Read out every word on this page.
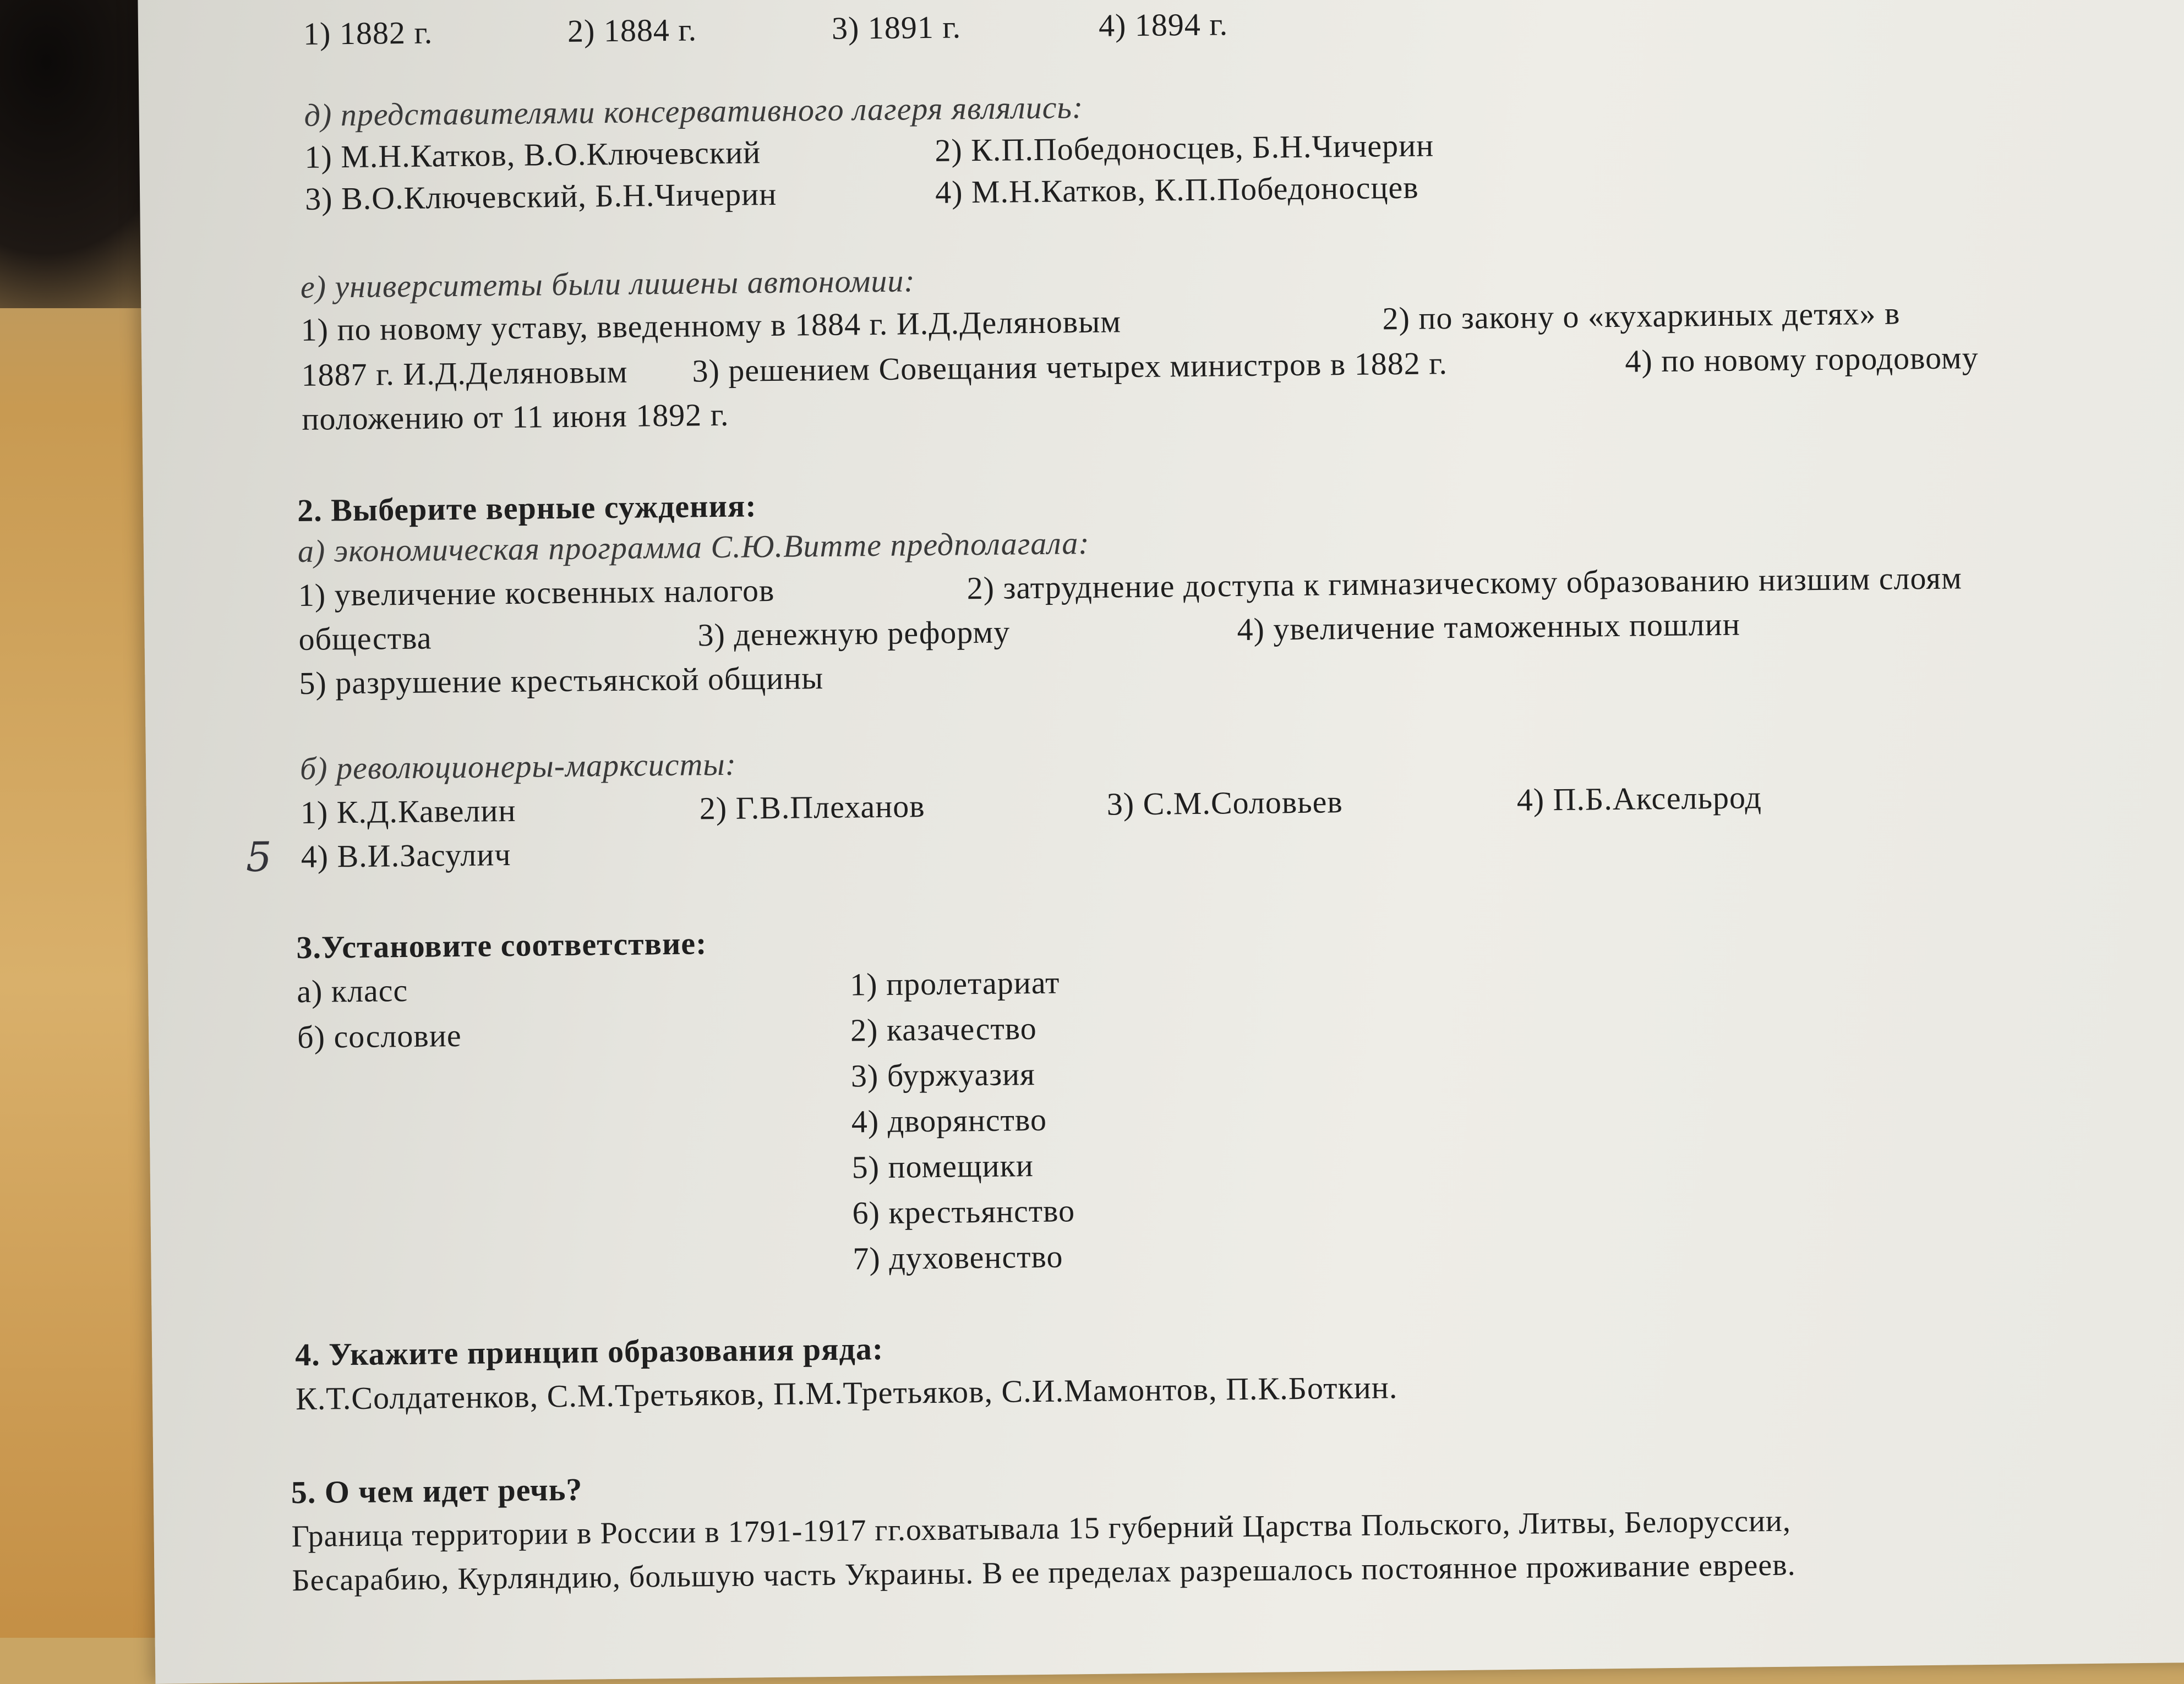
1) 1882 г.	2) 1884 г.	3) 1891 г.	4) 1894 г.
д) представителями консервативного лагеря являлись:
1) М.Н.Катков, В.О.Ключевский	2) К.П.Победоносцев, Б.Н.Чичерин
3) В.О.Ключевский, Б.Н.Чичерин	4) М.Н.Катков, К.П.Победоносцев
е) университеты были лишены автономии:
1) по новому уставу, введенному в 1884 г. И.Д.Деляновым	2) по закону о «кухаркиных детях» в
1887 г. И.Д.Деляновым 3) решением Совещания четырех министров в 1882 г.	4) по новому городовому
положению от 11 июня 1892 г.
2. Выберите верные суждения:
а) экономическая программа С.Ю.Витте предполагала:
1) увеличение косвенных налогов	2) затруднение доступа к гимназическому образованию низшим слоям
общества	3) денежную реформу	4) увеличение таможенных пошлин
5) разрушение крестьянской общины
б) революционеры-марксисты:
1) К.Д.Кавелин	2) Г.В.Плеханов	3) С.М.Соловьев	4) П.Б.Аксельрод
4) В.И.Засулич
5
3.Установите соответствие:
а) класс
б) сословие
1) пролетариат
2) казачество
3) буржуазия
4) дворянство
5) помещики
6) крестьянство
7) духовенство
4. Укажите принцип образования ряда:
К.Т.Солдатенков, С.М.Третьяков, П.М.Третьяков, С.И.Мамонтов, П.К.Боткин.
5. О чем идет речь?
Граница территории в России в 1791-1917 гг.охватывала 15 губерний Царства Польского, Литвы, Белоруссии,
Бесарабию, Курляндию, большую часть Украины. В ее пределах разрешалось постоянное проживание евреев.
